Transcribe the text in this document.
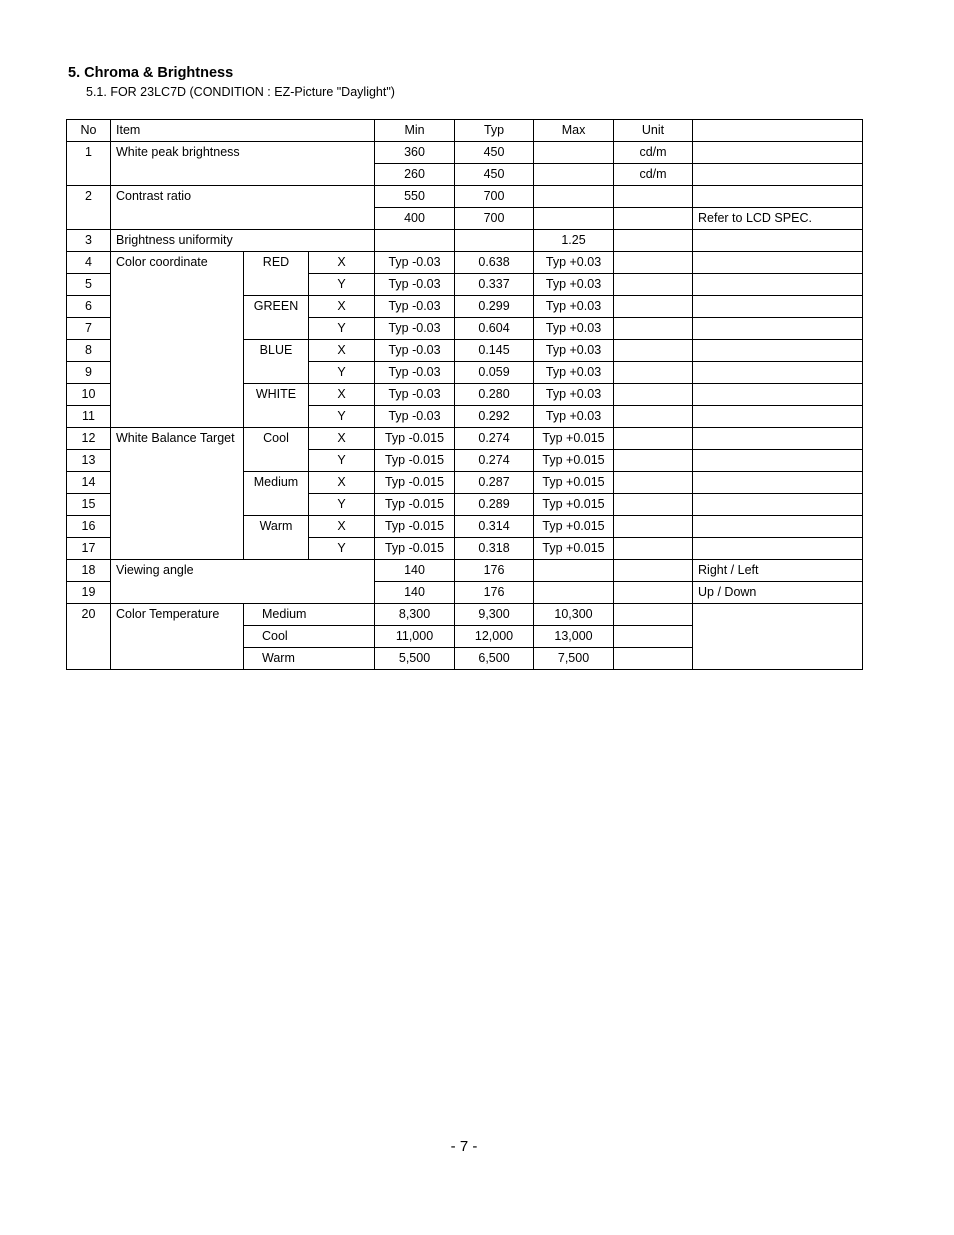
5. Chroma & Brightness
5.1. FOR 23LC7D (CONDITION : EZ-Picture "Daylight")
No	Item			Min	Typ	Max	Unit	
1	White peak brightness			360	450		cd/m	
				260	450		cd/m	
2	Contrast ratio			550	700			
				400	700			Refer to LCD SPEC.
3	Brightness uniformity					1.25		
4	Color coordinate	RED	X	Typ -0.03	0.638	Typ +0.03		
5			Y	Typ -0.03	0.337	Typ +0.03		
6		GREEN	X	Typ -0.03	0.299	Typ +0.03		
7			Y	Typ -0.03	0.604	Typ +0.03		
8		BLUE	X	Typ -0.03	0.145	Typ +0.03		
9			Y	Typ -0.03	0.059	Typ +0.03		
10		WHITE	X	Typ -0.03	0.280	Typ +0.03		
11			Y	Typ -0.03	0.292	Typ +0.03		
12	White Balance Target	Cool	X	Typ -0.015	0.274	Typ +0.015		
13			Y	Typ -0.015	0.274	Typ +0.015		
14		Medium	X	Typ -0.015	0.287	Typ +0.015		
15			Y	Typ -0.015	0.289	Typ +0.015		
16		Warm	X	Typ -0.015	0.314	Typ +0.015		
17			Y	Typ -0.015	0.318	Typ +0.015		
18	Viewing angle			140	176			Right / Left
19				140	176			Up / Down
20	Color Temperature	Medium		8,300	9,300	10,300		
		Cool		11,000	12,000	13,000		
		Warm		5,500	6,500	7,500		
- 7 -
